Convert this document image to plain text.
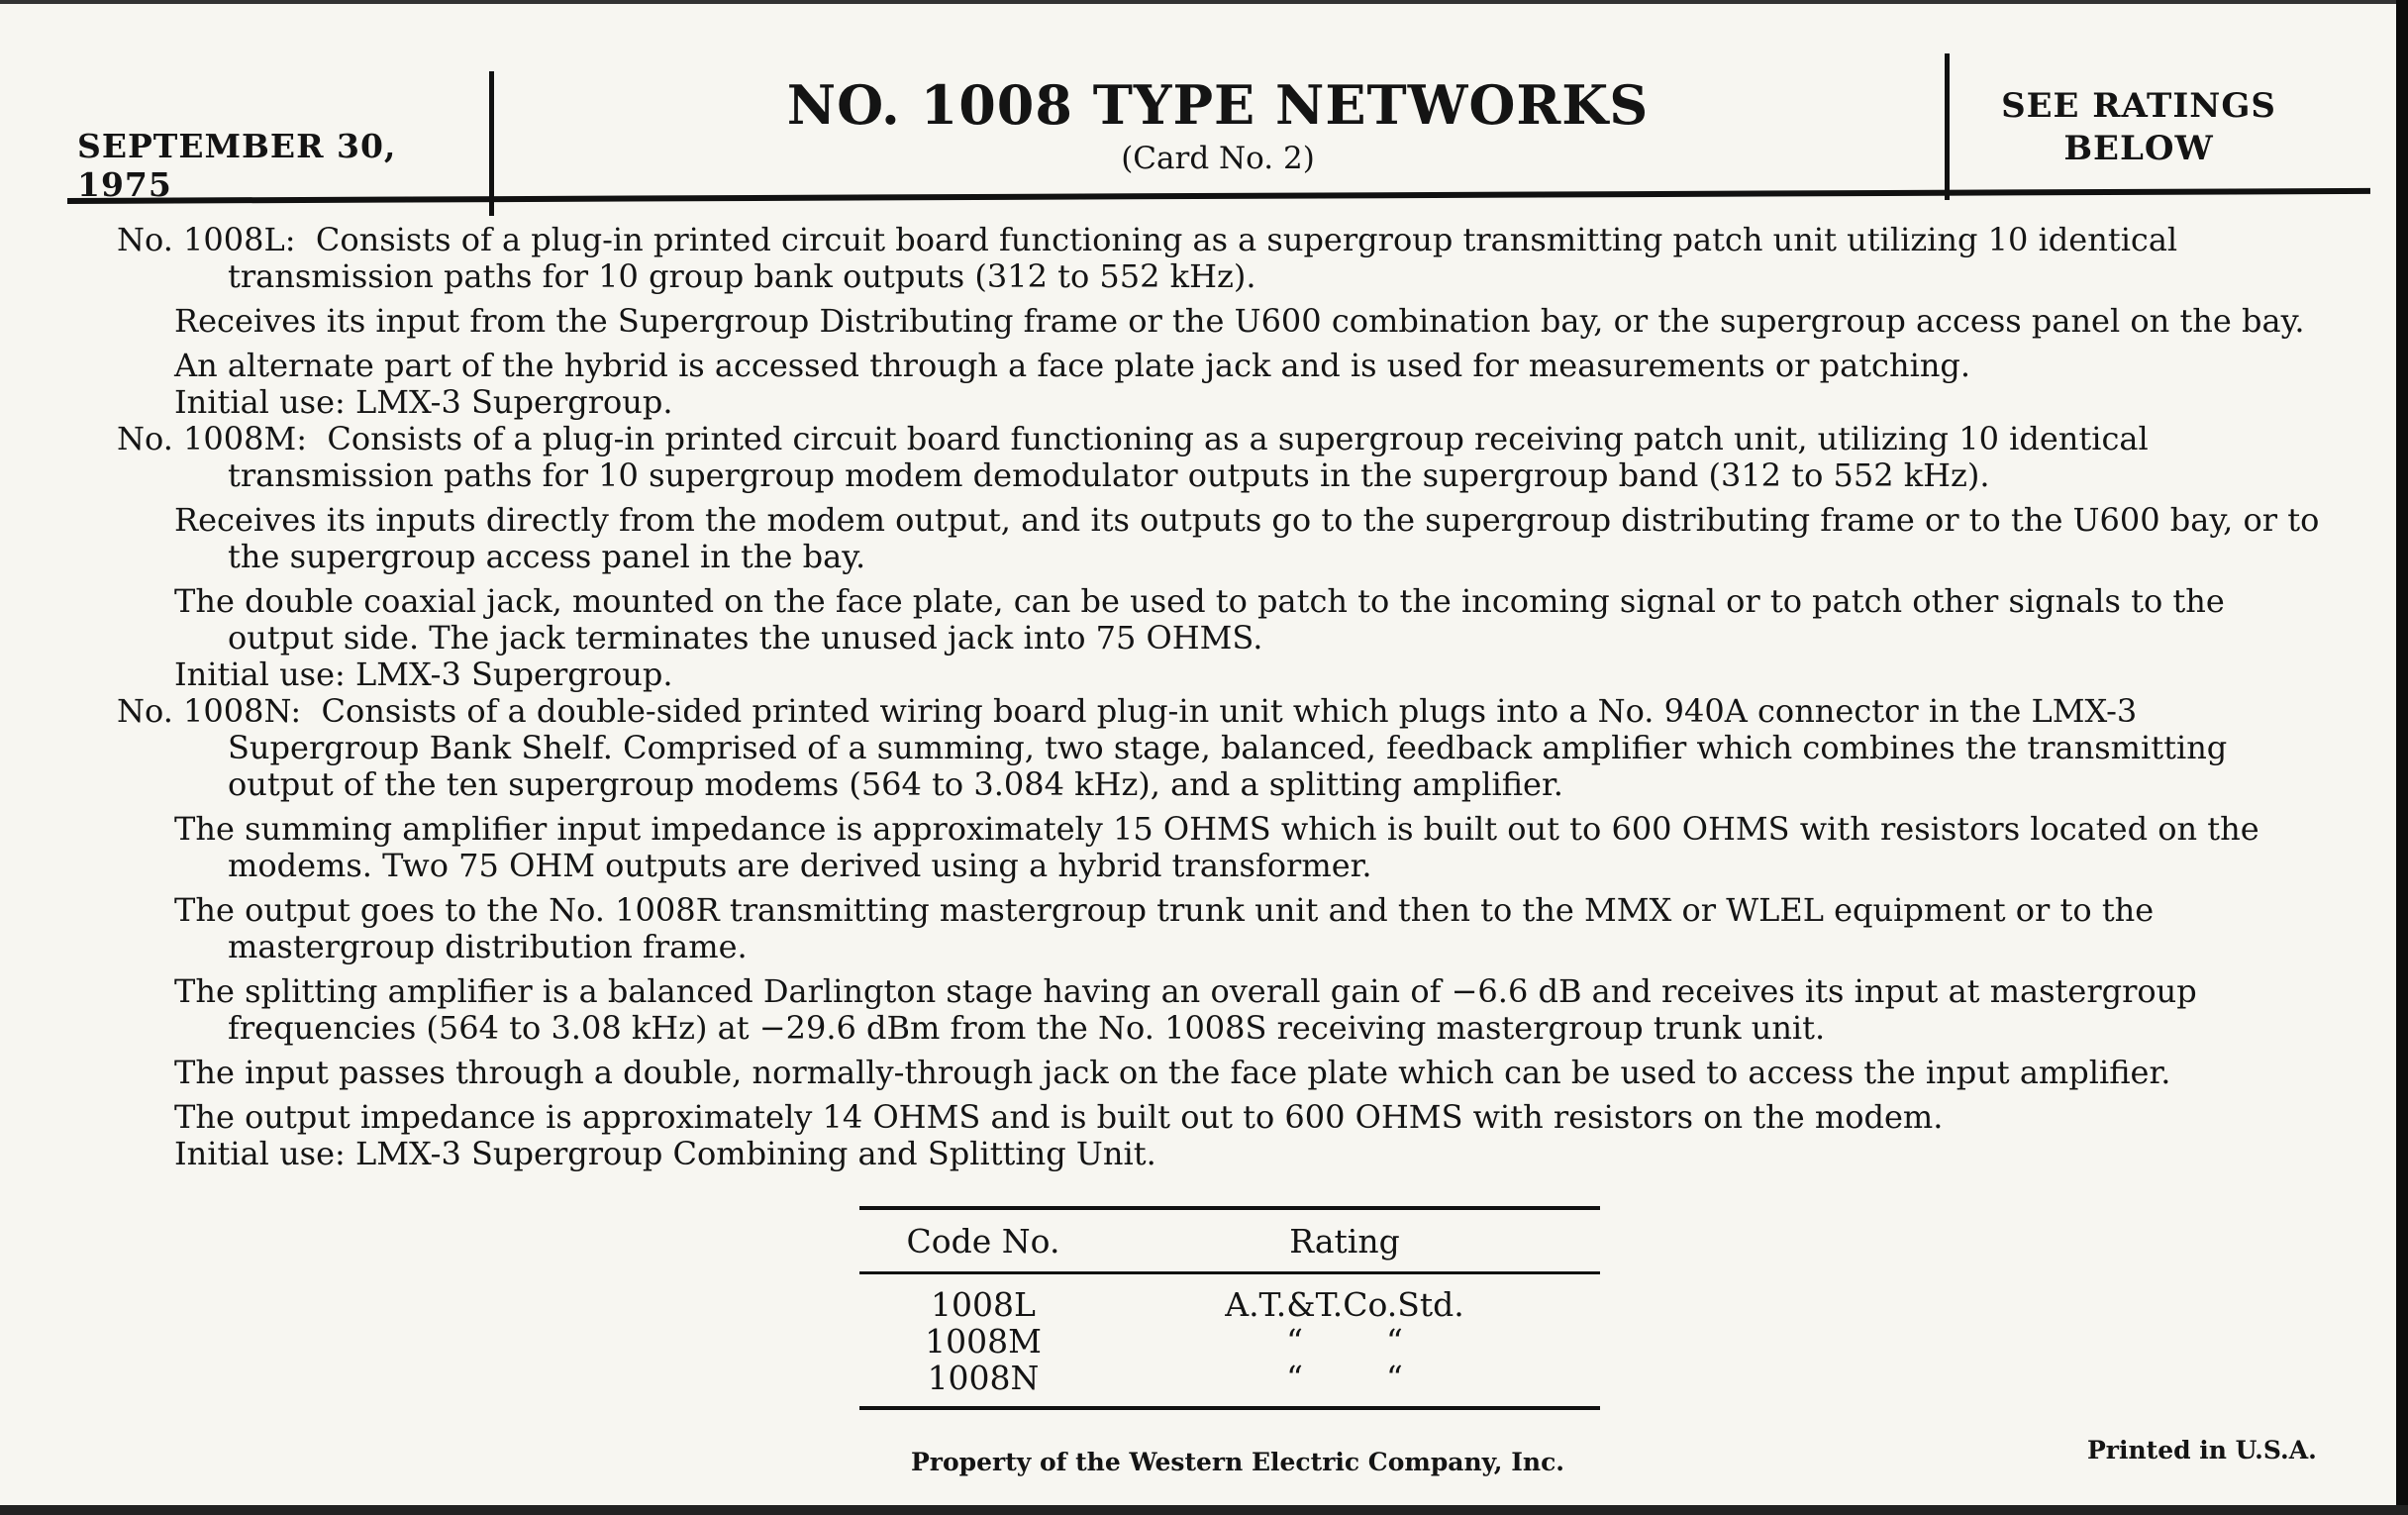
SEPTEMBER 30, 1975
NO. 1008 TYPE NETWORKS
(Card No. 2)
SEE RATINGS
BELOW

No. 1008L: Consists of a plug-in printed circuit board functioning as a supergroup transmitting patch unit utilizing 10 identical transmission paths for 10 group bank outputs (312 to 552 kHz).

Receives its input from the Supergroup Distributing frame or the U600 combination bay, or the supergroup access panel on the bay.

An alternate part of the hybrid is accessed through a face plate jack and is used for measurements or patching.

Initial use: LMX-3 Supergroup.

No. 1008M: Consists of a plug-in printed circuit board functioning as a supergroup receiving patch unit, utilizing 10 identical transmission paths for 10 supergroup modem demodulator outputs in the supergroup band (312 to 552 kHz).

Receives its inputs directly from the modem output, and its outputs go to the supergroup distributing frame or to the U600 bay, or to the supergroup access panel in the bay.

The double coaxial jack, mounted on the face plate, can be used to patch to the incoming signal or to patch other signals to the output side. The jack terminates the unused jack into 75 OHMS.

Initial use: LMX-3 Supergroup.

No. 1008N: Consists of a double-sided printed wiring board plug-in unit which plugs into a No. 940A connector in the LMX-3 Supergroup Bank Shelf. Comprised of a summing, two stage, balanced, feedback amplifier which combines the transmitting output of the ten supergroup modems (564 to 3.084 kHz), and a splitting amplifier.

The summing amplifier input impedance is approximately 15 OHMS which is built out to 600 OHMS with resistors located on the modems. Two 75 OHM outputs are derived using a hybrid transformer.

The output goes to the No. 1008R transmitting mastergroup trunk unit and then to the MMX or WLEL equipment or to the mastergroup distribution frame.

The splitting amplifier is a balanced Darlington stage having an overall gain of −6.6 dB and receives its input at mastergroup frequencies (564 to 3.08 kHz) at −29.6 dBm from the No. 1008S receiving mastergroup trunk unit.

The input passes through a double, normally-through jack on the face plate which can be used to access the input amplifier.

The output impedance is approximately 14 OHMS and is built out to 600 OHMS with resistors on the modem.

Initial use: LMX-3 Supergroup Combining and Splitting Unit.

Code No.	Rating
1008L	A.T.&T.Co.Std.
1008M	“        “
1008N	“        “
Property of the Western Electric Company, Inc.	Printed in U.S.A.
